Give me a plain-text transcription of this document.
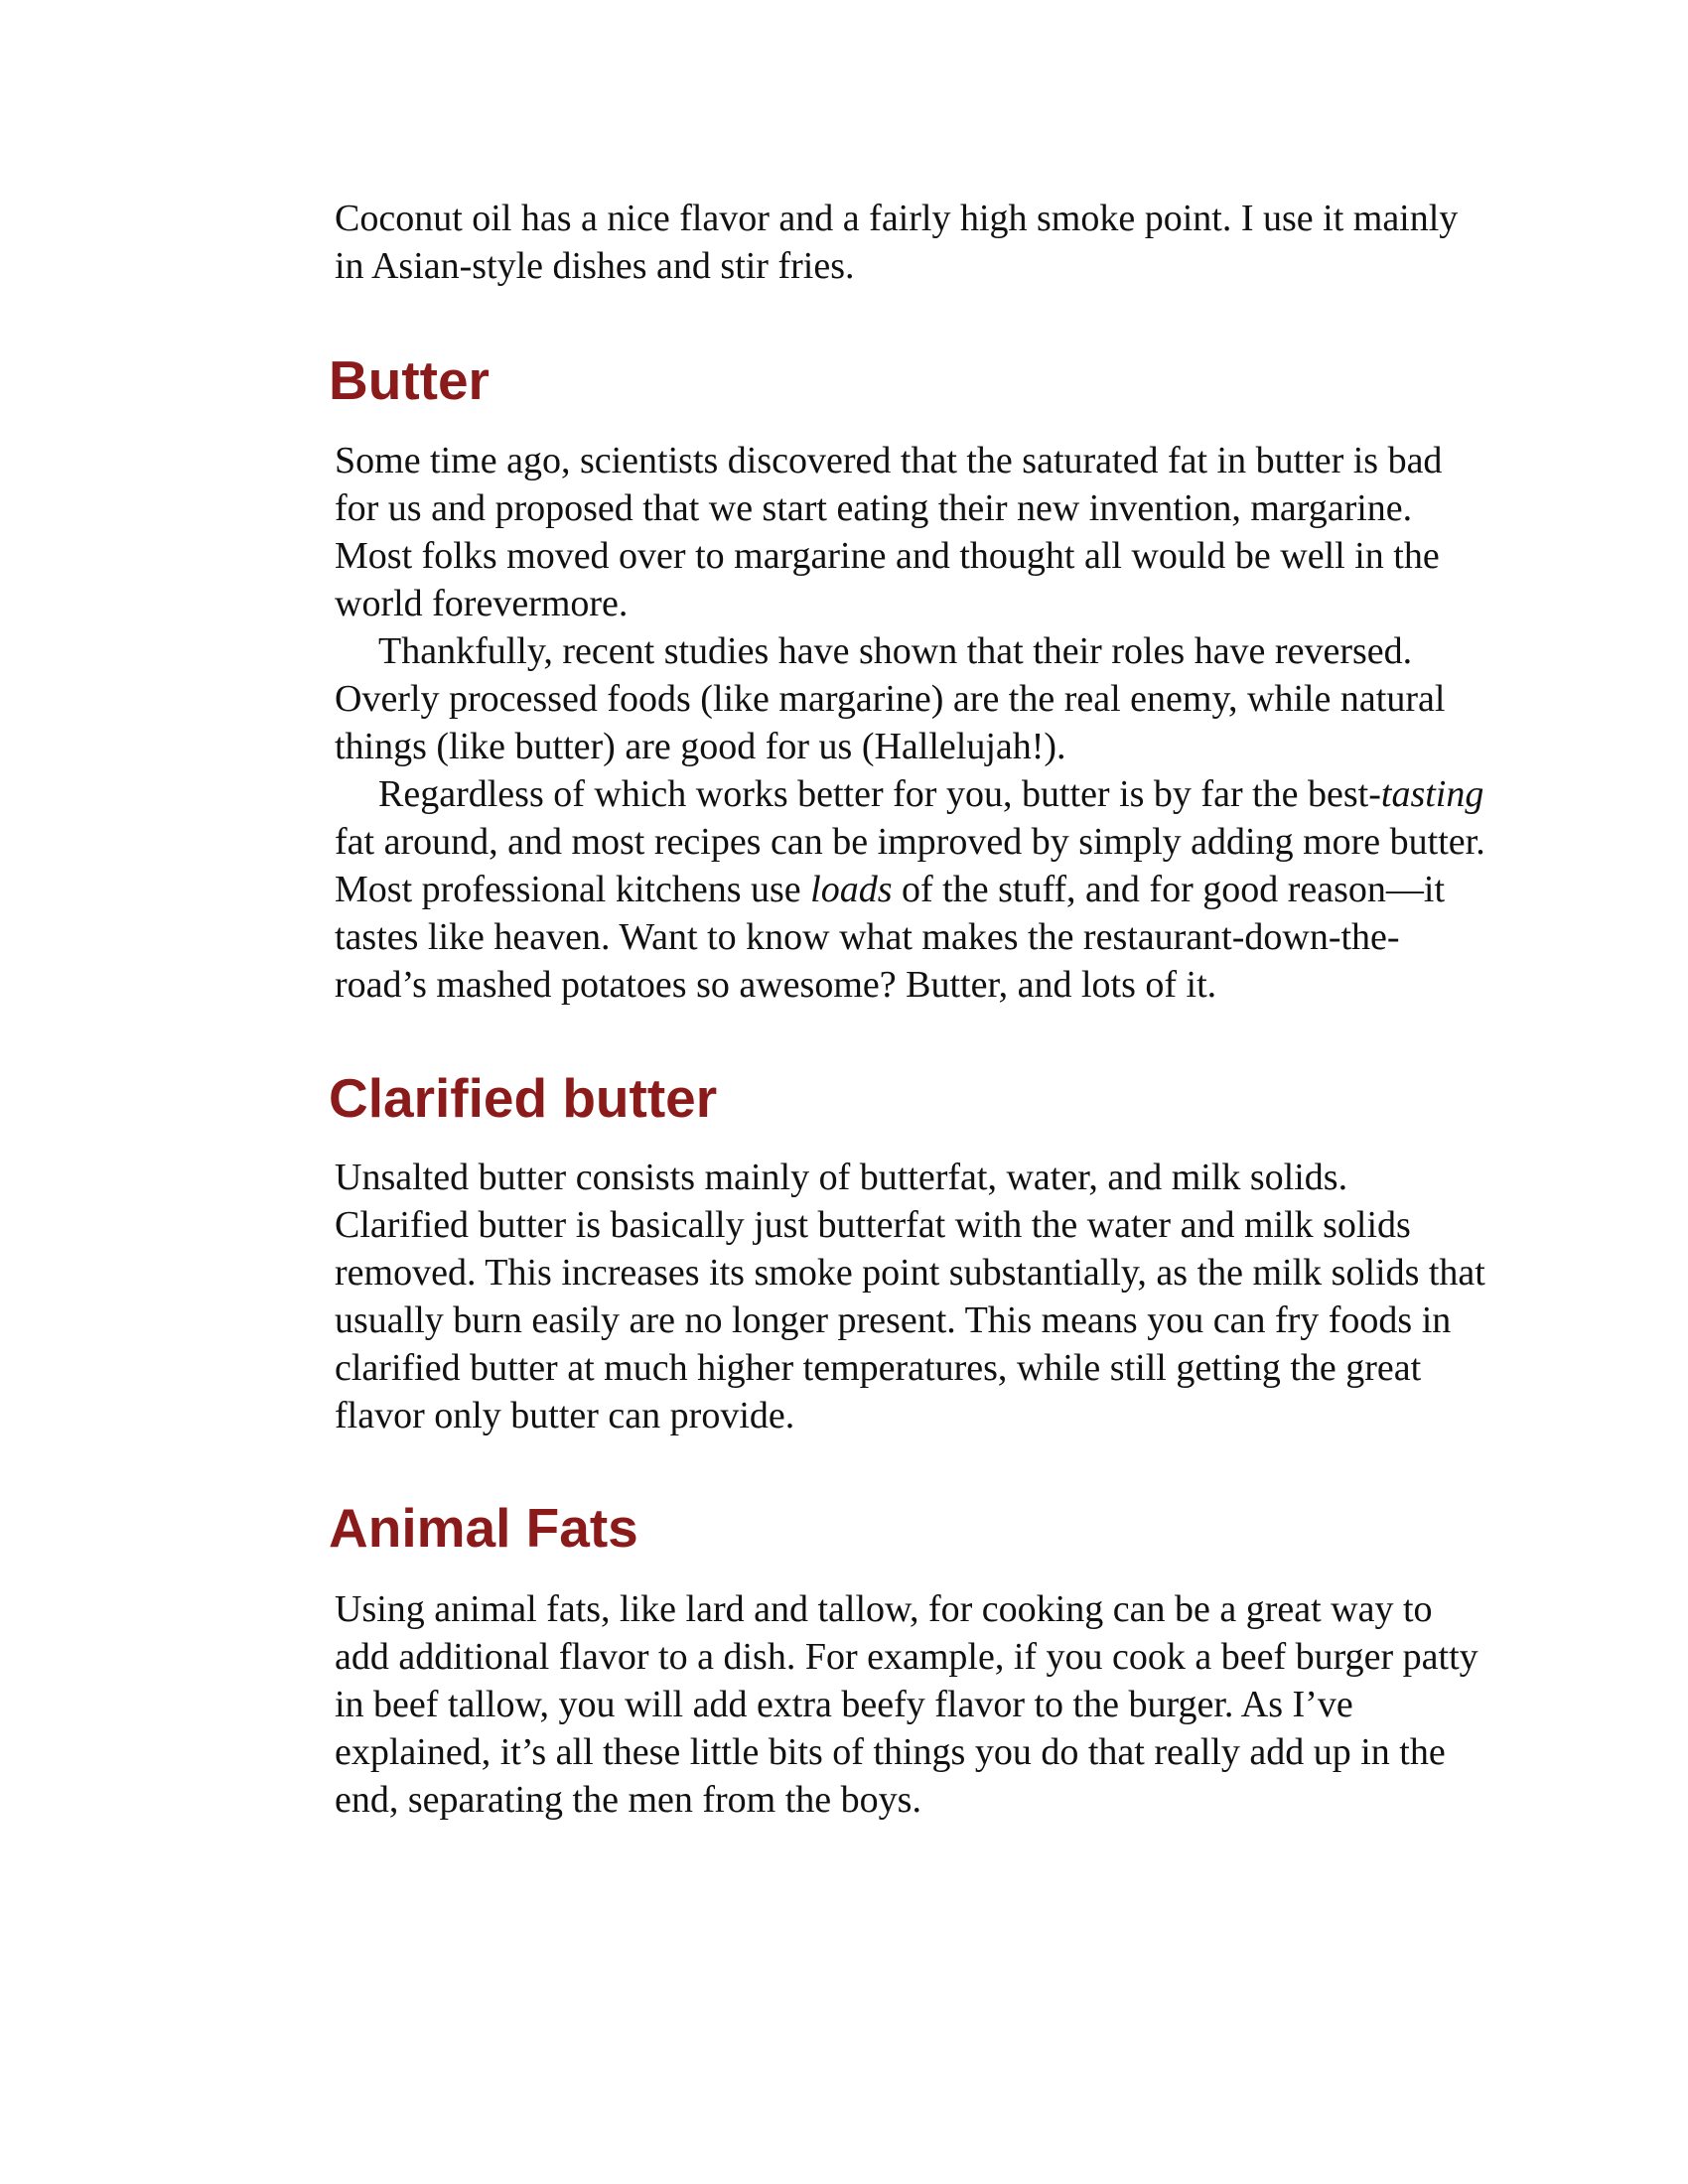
Coconut oil has a nice flavor and a fairly high smoke point. I use it mainly in Asian-style dishes and stir fries.

Butter

Some time ago, scientists discovered that the saturated fat in butter is bad for us and proposed that we start eating their new invention, margarine. Most folks moved over to margarine and thought all would be well in the world forevermore.

Thankfully, recent studies have shown that their roles have reversed. Overly processed foods (like margarine) are the real enemy, while natural things (like butter) are good for us (Hallelujah!).

Regardless of which works better for you, butter is by far the best-tasting fat around, and most recipes can be improved by simply adding more butter. Most professional kitchens use loads of the stuff, and for good reason—it tastes like heaven. Want to know what makes the restaurant-down-the-road’s mashed potatoes so awesome? Butter, and lots of it.

Clarified butter

Unsalted butter consists mainly of butterfat, water, and milk solids. Clarified butter is basically just butterfat with the water and milk solids removed. This increases its smoke point substantially, as the milk solids that usually burn easily are no longer present. This means you can fry foods in clarified butter at much higher temperatures, while still getting the great flavor only butter can provide.

Animal Fats

Using animal fats, like lard and tallow, for cooking can be a great way to add additional flavor to a dish. For example, if you cook a beef burger patty in beef tallow, you will add extra beefy flavor to the burger. As I’ve explained, it’s all these little bits of things you do that really add up in the end, separating the men from the boys.
